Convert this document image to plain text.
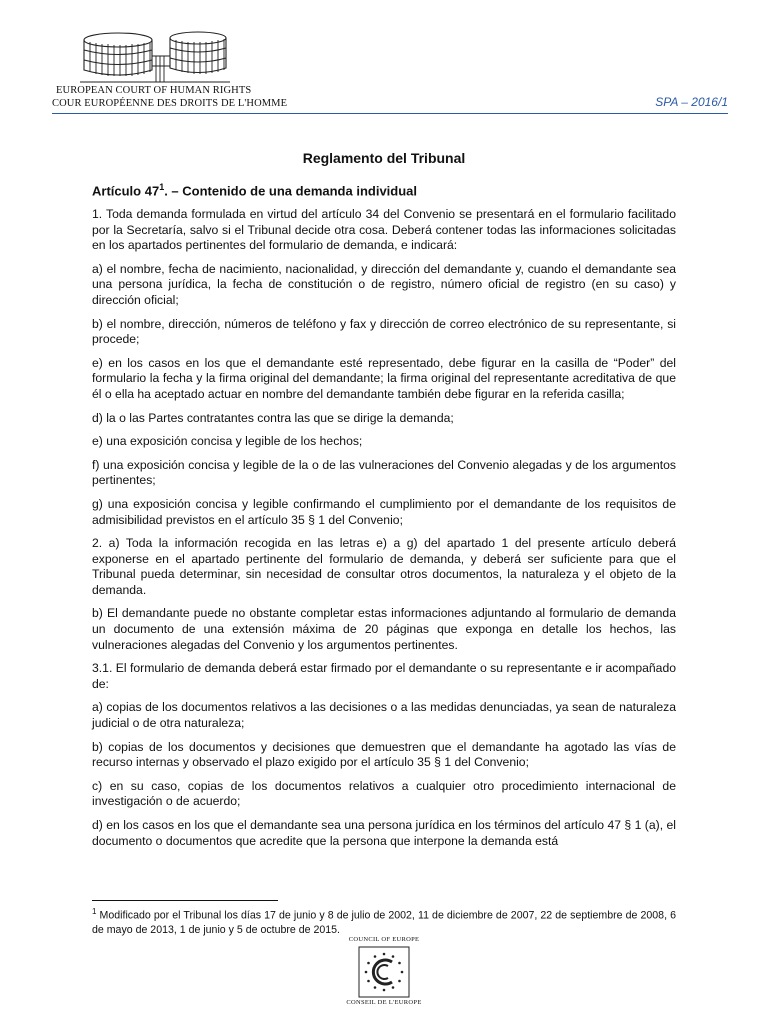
EUROPEAN COURT OF HUMAN RIGHTS
COUR EUROPÉENNE DES DROITS DE L'HOMME	SPA – 2016/1
Reglamento del Tribunal
Artículo $47^1$. – Contenido de una demanda individual

1. Toda demanda formulada en virtud del artículo 34 del Convenio se presentará en el formulario facilitado por la Secretaría, salvo si el Tribunal decide otra cosa. Deberá contener todas las informaciones solicitadas en los apartados pertinentes del formulario de demanda, e indicará:

a) el nombre, fecha de nacimiento, nacionalidad, y dirección del demandante y, cuando el demandante sea una persona jurídica, la fecha de constitución o de registro, número oficial de registro (en su caso) y dirección oficial;

b) el nombre, dirección, números de teléfono y fax y dirección de correo electrónico de su representante, si procede;

e) en los casos en los que el demandante esté representado, debe figurar en la casilla de “Poder” del formulario la fecha y la firma original del demandante; la firma original del representante acreditativa de que él o ella ha aceptado actuar en nombre del demandante también debe figurar en la referida casilla;

d) la o las Partes contratantes contra las que se dirige la demanda;

e) una exposición concisa y legible de los hechos;

f) una exposición concisa y legible de la o de las vulneraciones del Convenio alegadas y de los argumentos pertinentes;

g) una exposición concisa y legible confirmando el cumplimiento por el demandante de los requisitos de admisibilidad previstos en el artículo 35 § 1 del Convenio;

2. a) Toda la información recogida en las letras e) a g) del apartado 1 del presente artículo deberá exponerse en el apartado pertinente del formulario de demanda, y deberá ser suficiente para que el Tribunal pueda determinar, sin necesidad de consultar otros documentos, la naturaleza y el objeto de la demanda.

b) El demandante puede no obstante completar estas informaciones adjuntando al formulario de demanda un documento de una extensión máxima de 20 páginas que exponga en detalle los hechos, las vulneraciones alegadas del Convenio y los argumentos pertinentes.

3.1. El formulario de demanda deberá estar firmado por el demandante o su representante e ir acompañado de:

a) copias de los documentos relativos a las decisiones o a las medidas denunciadas, ya sean de naturaleza judicial o de otra naturaleza;

b) copias de los documentos y decisiones que demuestren que el demandante ha agotado las vías de recurso internas y observado el plazo exigido por el artículo 35 § 1 del Convenio;

c) en su caso, copias de los documentos relativos a cualquier otro procedimiento internacional de investigación o de acuerdo;

d) en los casos en los que el demandante sea una persona jurídica en los términos del artículo 47 § 1 (a), el documento o documentos que acredite que la persona que interpone la demanda está

$^1$ Modificado por el Tribunal los días 17 de junio y 8 de julio de 2002, 11 de diciembre de 2007, 22 de septiembre de 2008, 6 de mayo de 2013, 1 de junio y 5 de octubre de 2015.
COUNCIL OF EUROPE
CONSEIL DE L'EUROPE
